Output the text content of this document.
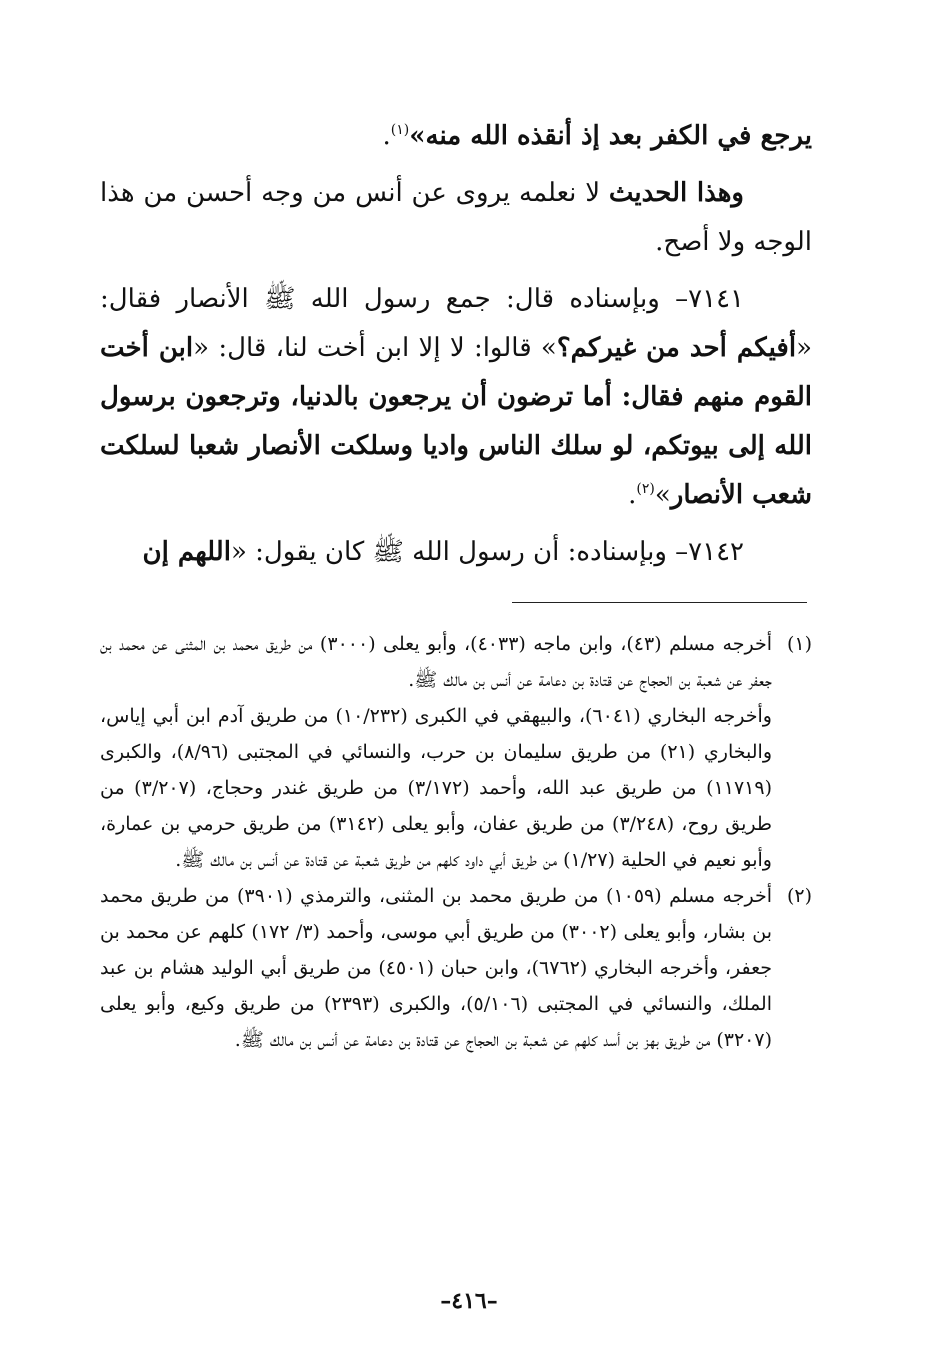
يرجع في الكفر بعد إذ أنقذه الله منه»$^{(١)}$.

وهذا الحديث لا نعلمه يروى عن أنس من وجه أحسن من هذا الوجه ولا أصح.

٧١٤١– وبإسناده قال: جمع رسول الله ﷺ الأنصار فقال: «أفيكم أحد من غيركم؟» قالوا: لا إلا ابن أخت لنا، قال: «ابن أخت القوم منهم فقال: أما ترضون أن يرجعون بالدنيا، وترجعون برسول الله إلى بيوتكم، لو سلك الناس واديا وسلكت الأنصار شعبا لسلكت شعب الأنصار»$^{(٢)}$.

٧١٤٢– وبإسناده: أن رسول الله ﷺ كان يقول: «اللهم إن

(١)

أخرجه مسلم (٤٣)، وابن ماجه (٤٠٣٣)، وأبو يعلى (٣٠٠٠) من طريق محمد بن المثنى عن محمد بن جعفر عن شعبة بن الحجاج عن قتادة بن دعامة عن أنس بن مالك ﷺ.

وأخرجه البخاري (٦٠٤١)، والبيهقي في الكبرى (١٠/٢٣٢) من طريق آدم ابن أبي إياس، والبخاري (٢١) من طريق سليمان بن حرب، والنسائي في المجتبى (٨/٩٦)، والكبرى (١١٧١٩) من طريق عبد الله، وأحمد (٣/١٧٢) من طريق غندر وحجاج، (٣/٢٠٧) من طريق روح، (٣/٢٤٨) من طريق عفان، وأبو يعلى (٣١٤٢) من طريق حرمي بن عمارة، وأبو نعيم في الحلية (١/٢٧) من طريق أبي داود كلهم من طريق شعبة عن قتادة عن أنس بن مالك ﷺ.

(٢)

أخرجه مسلم (١٠٥٩) من طريق محمد بن المثنى، والترمذي (٣٩٠١) من طريق محمد بن بشار، وأبو يعلى (٣٠٠٢) من طريق أبي موسى، وأحمد (٣/ ١٧٢) كلهم عن محمد بن جعفر، وأخرجه البخاري (٦٧٦٢)، وابن حبان (٤٥٠١) من طريق أبي الوليد هشام بن عبد الملك، والنسائي في المجتبى (٥/١٠٦)، والكبرى (٢٣٩٣) من طريق وكيع، وأبو يعلى (٣٢٠٧) من طريق بهز بن أسد كلهم عن شعبة بن الحجاج عن قتادة بن دعامة عن أنس بن مالك ﷺ.

–٤١٦–
